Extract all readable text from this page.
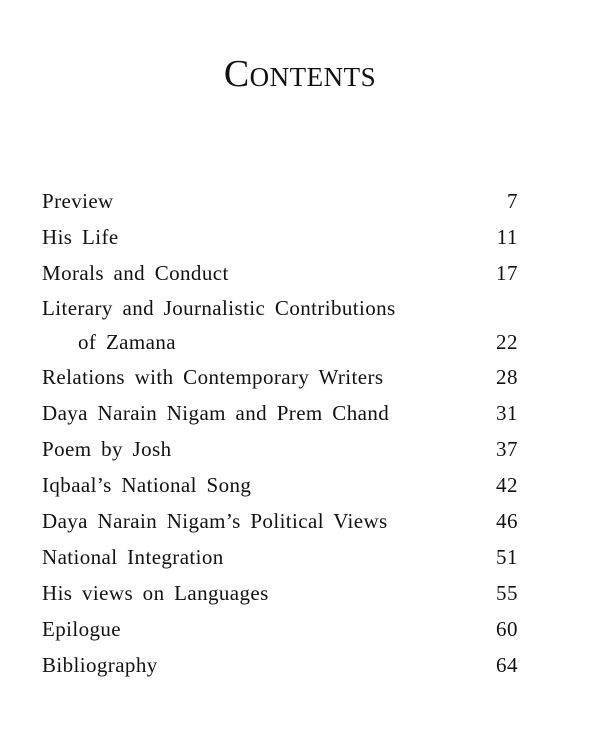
Contents
Preview	7
His Life	11
Morals and Conduct	17
Literary and Journalistic Contributions
of Zamana	22
Relations with Contemporary Writers	28
Daya Narain Nigam and Prem Chand	31
Poem by Josh	37
Iqbaal’s National Song	42
Daya Narain Nigam’s Political Views	46
National Integration	51
His views on Languages	55
Epilogue	60
Bibliography	64
